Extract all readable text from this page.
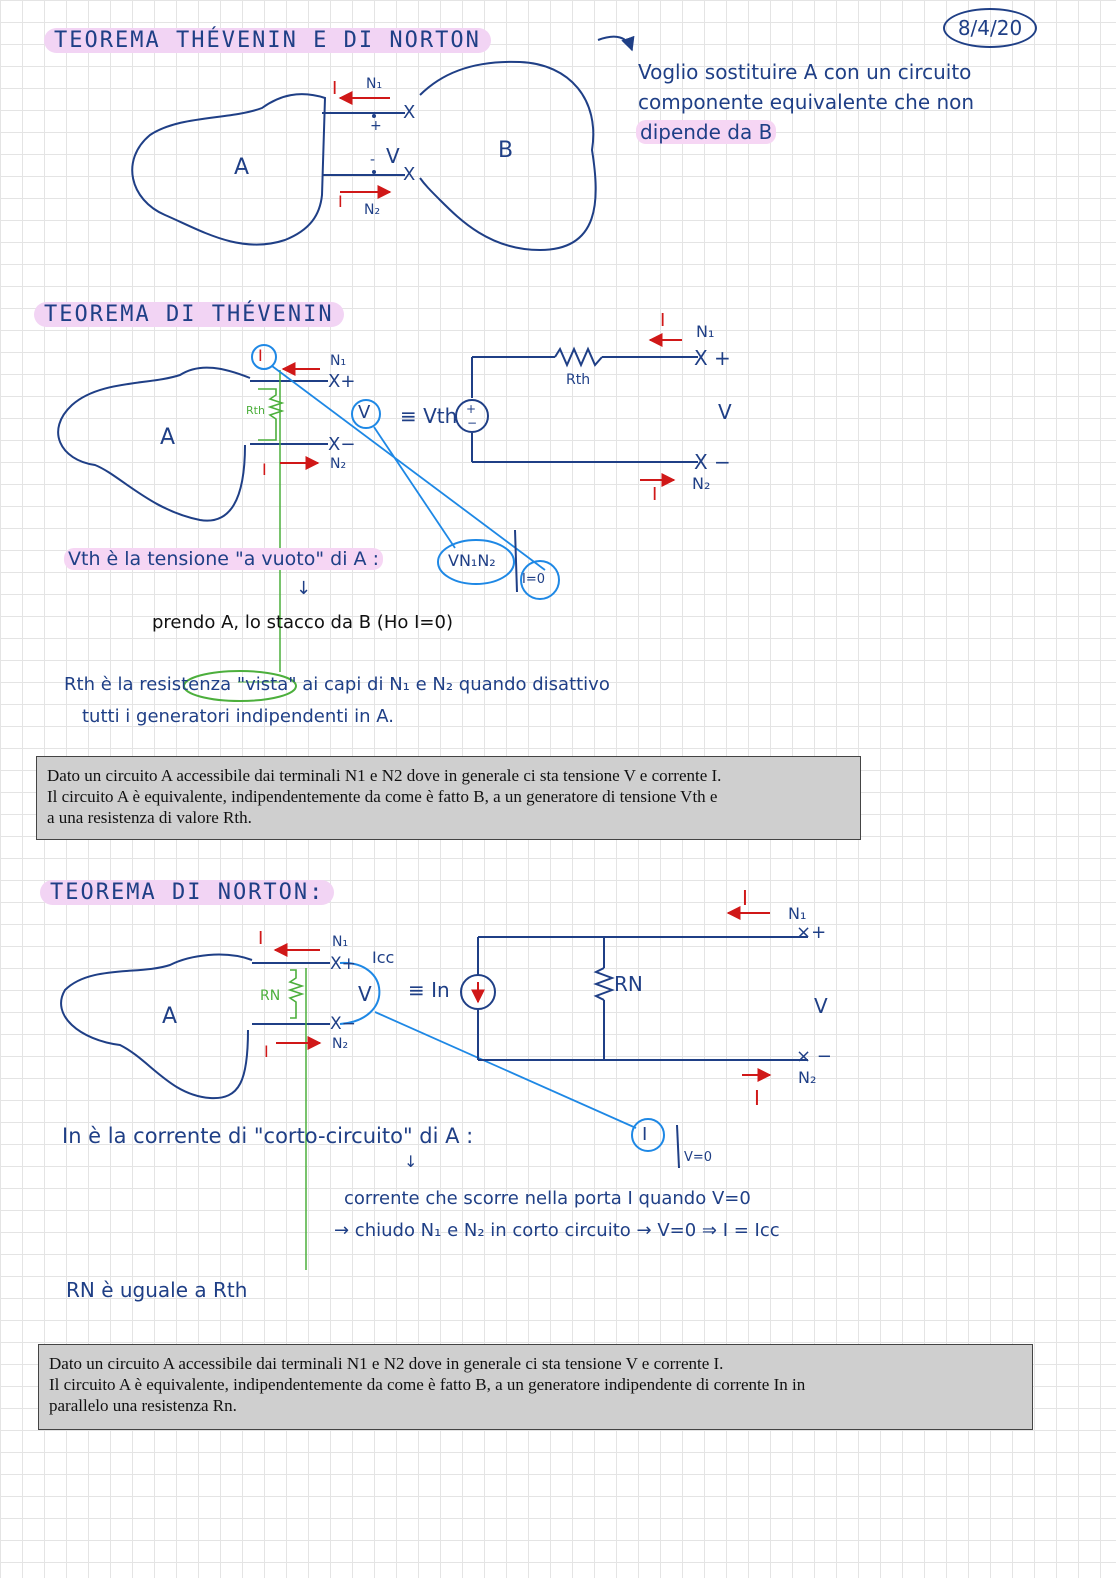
TEOREMA THÉVENIN E DI NORTON	8/4/20
Voglio sostituire A con un circuito
componente equivalente che non
dipende da B
A
B
V
I
I
N₁
N₂
+
-
X
X
TEOREMA DI THÉVENIN
A
Rth
I
V ≡ Vth
N₁
N₂
X+
X−
I
+
−
Rth
I
N₁
X +
V
X −
I
N₂
Vth è la tensione "a vuoto" di A :	VN₁N₂
I=0
↓
prendo A, lo stacco da B (Ho I=0)
Rth è la resistenza "vista" ai capi di N₁ e N₂ quando disattivo
tutti i generatori indipendenti in A.

Dato un circuito A accessibile dai terminali N1 e N2 dove in generale ci sta tensione V e corrente I.

Il circuito A è equivalente, indipendentemente da come è fatto B, a un generatore di tensione Vth e

a una resistenza di valore Rth.

TEOREMA DI NORTON:
A
RN
Icc
V ≡ In
N₁
N₂
X+
X−
I
I
RN
I
N₁
×+
V
× −
I
N₂
In è la corrente di "corto-circuito" di A :	I
V=0
↓
corrente che scorre nella porta I quando V=0
→ chiudo N₁ e N₂ in corto circuito → V=0 ⇒ I = Icc
RN è uguale a Rth

Dato un circuito A accessibile dai terminali N1 e N2 dove in generale ci sta tensione V e corrente I.

Il circuito A è equivalente, indipendentemente da come è fatto B, a un generatore indipendente di corrente In in

parallelo una resistenza Rn.
